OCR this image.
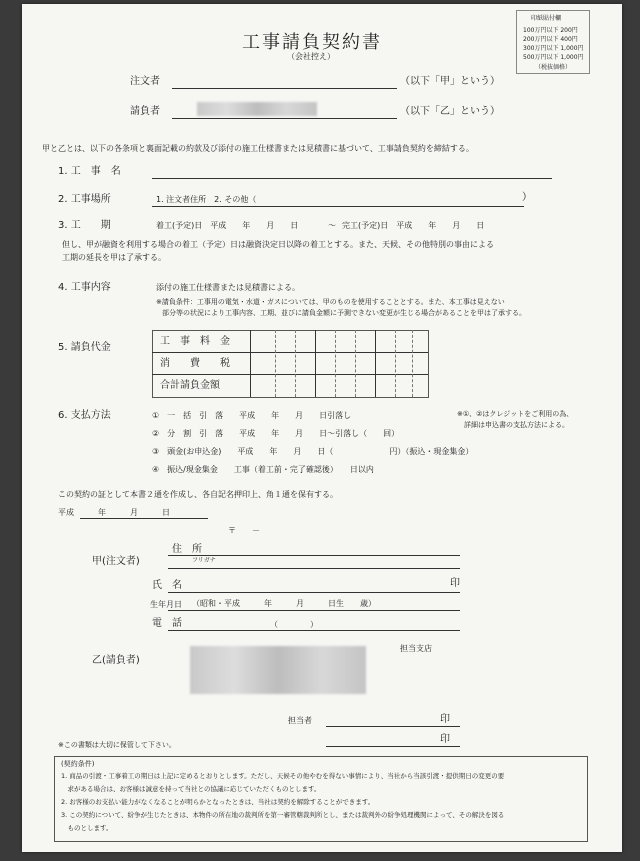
印紙貼付欄
100万円以下 200円
200万円以下 400円
300万円以下 1,000円
500万円以下 1,000円
（税抜価格）
工事請負契約書
（会社控え）
注文者	（以下「甲」という）
請負者	（以下「乙」という）
甲と乙とは、以下の各条項と裏面記載の約款及び添付の施工仕様書または見積書に基づいて、工事請負契約を締結する。
1. 工　事　名
2. 工事場所	1. 注文者住所　2. その他（	）
3. 工　　期	着工(予定)日　平成　　年　　月　　日	～ 完工(予定)日　平成　　年　　月　　日
但し、甲が融資を利用する場合の着工（予定）日は融資決定日以降の着工とする。また、天候、その他特別の事由による
工期の延長を甲は了承する。
4. 工事内容	添付の施工仕様書または見積書による。
※請負条件：工事用の電気・水道・ガスについては、甲のものを使用することとする。また、本工事は見えない
部分等の状況により工事内容、工期、並びに請負金額に予測できない変更が生じる場合があることを甲は了承する。
5. 請負代金
工　事　料　金
消　　費　　税
合計請負金額
6. 支払方法	①　一　括　引　落　　平成　　年　　月　　日引落し
②　分　割　引　落　　平成　　年　　月　　日～引落し（　　回）
③　頭金(お申込金)　　平成　　年　　月　　日（　　　　　　　円）（振込・現金集金）
④　振込/現金集金　　工事（着工前・完了確認後）　　日以内
※①、②はクレジットをご利用の為、
詳細は申込書の支払方法による。
この契約の証として本書２通を作成し、各自記名押印上、角１通を保有する。
平成　　　年　　　月　　　日
〒　　－
甲(注文者)
住　所
フリガナ
氏　名	印
生年月日 （昭和・平成　　　年　　　月　　　日生　　歳）
電　話	（　　　　）
乙(請負者)
担当支店
担当者	印
印
※この書類は大切に保管して下さい。
(契約条件)
1. 商品の引渡・工事着工の期日は上記に定めるとおりとします。ただし、天候その他やむを得ない事情により、当社から当該引渡・提供期日の変更の要
　求がある場合は、お客様は誠意を持って当社との協議に応じていただくものとします。
2. お客様のお支払い能力がなくなることが明らかとなったときは、当社は契約を解除することができます。
3. この契約について、紛争が生じたときは、本物件の所在地の裁判所を第一審管轄裁判所とし、または裁判外の紛争処理機関によって、その解決を図る
　ものとします。
